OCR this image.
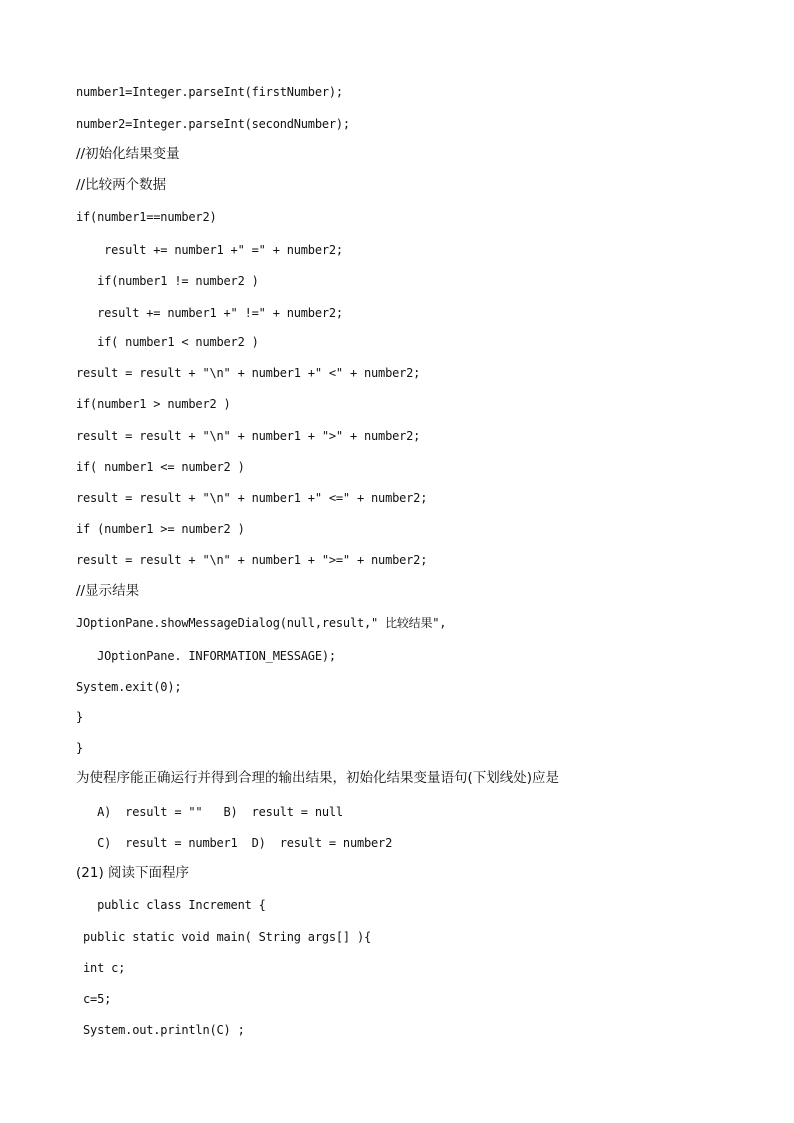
number1=Integer.parseInt(firstNumber);
number2=Integer.parseInt(secondNumber);
//初始化结果变量
//比较两个数据
if(number1==number2)
result += number1 +" =" + number2;
if(number1 != number2 )
result += number1 +" !=" + number2;
if( number1 < number2 )
result = result + "\n" + number1 +" <" + number2;
if(number1 > number2 )
result = result + "\n" + number1 + ">" + number2;
if( number1 <= number2 )
result = result + "\n" + number1 +" <=" + number2;
if (number1 >= number2 )
result = result + "\n" + number1 + ">=" + number2;
//显示结果
JOptionPane.showMessageDialog(null,result," 比较结果",
JOptionPane. INFORMATION_MESSAGE);
System.exit(0);
}
}
为使程序能正确运行并得到合理的输出结果，初始化结果变量语句(下划线处)应是
A)  result = ""   B)  result = null
C)  result = number1  D)  result = number2
(21) 阅读下面程序
public class Increment {
public static void main( String args[] ){
int c;
c=5;
System.out.println(C) ;
